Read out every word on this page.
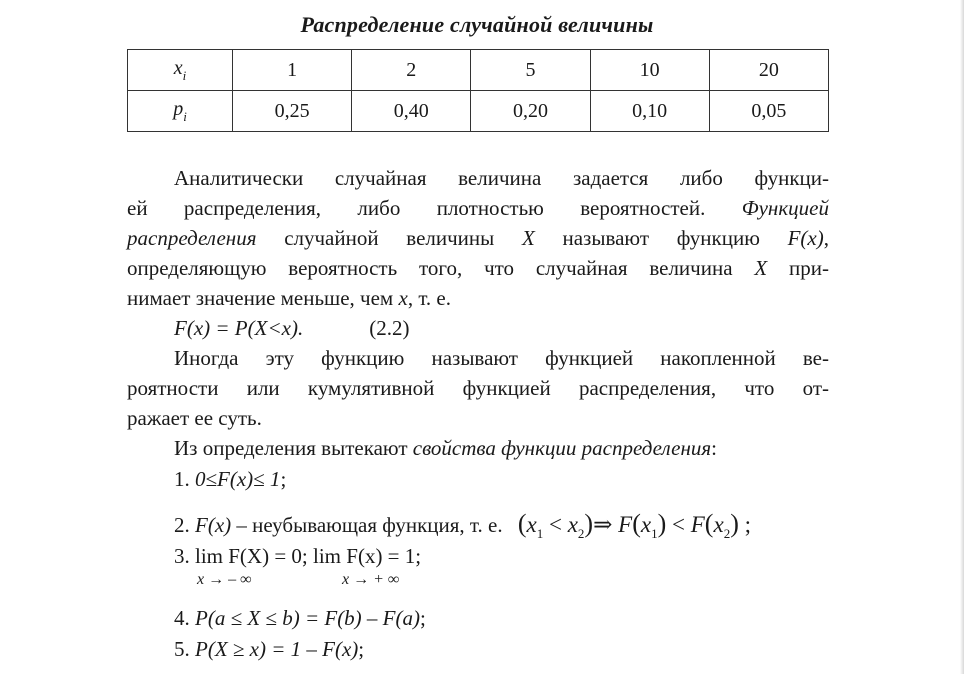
Распределение случайной величины
$x_i$	1	2	5	10	20
$p_i$	0,25	0,40	0,20	0,10	0,05
Аналитически случайная величина задается либо функци-
ей распределения, либо плотностью вероятностей. Функцией
распределения случайной величины X называют функцию F(x),
определяющую вероятность того, что случайная величина X при-
нимает значение меньше, чем x, т. е.
F(x) = P(X<x).	(2.2)
Иногда эту функцию называют функцией накопленной ве-
роятности или кумулятивной функцией распределения, что от-
ражает ее суть.
Из определения вытекают свойства функции распределения:
1. 0≤F(x)≤ 1;
2. F(x) – неубывающая функция, т. е. ($x_1$ < $x_2)\Rightarrow$ $F(x_1) < F(x_2)$ ;
3. lim F(X) = 0; lim F(x) = 1;
x → – ∞	x → + ∞
4. P(a ≤ X ≤ b) = F(b) – F(a);
5. P(X ≥ x) = 1 – F(x);
